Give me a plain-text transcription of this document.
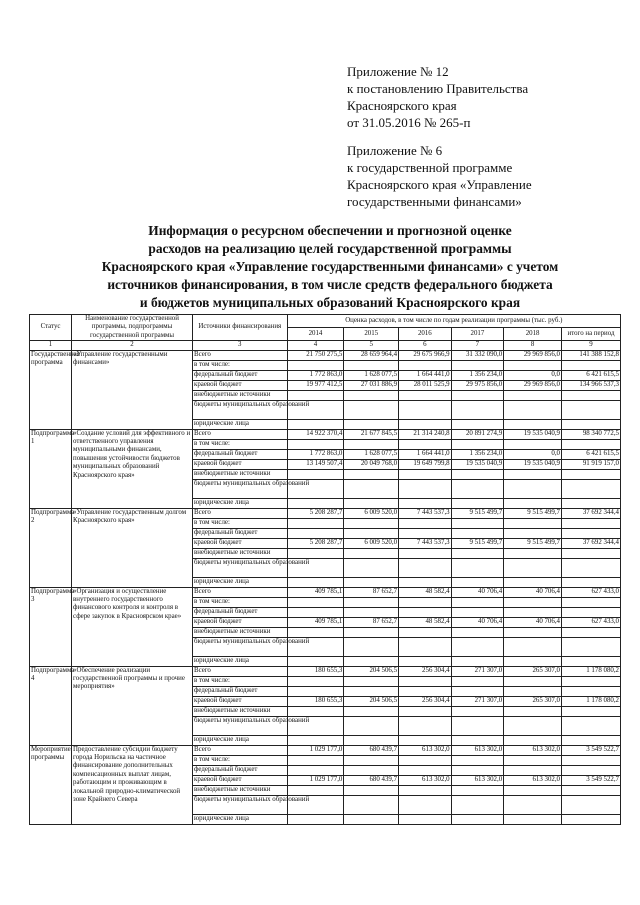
Приложение № 12
к постановлению Правительства
Красноярского края
от 31.05.2016 № 265-п
Приложение № 6
к государственной программе
Красноярского края «Управление
государственными финансами»
Информация о ресурсном обеспечении и прогнозной оценке
расходов на реализацию целей государственной программы
Красноярского края «Управление государственными финансами» с учетом
источников финансирования, в том числе средств федерального бюджета
и бюджетов муниципальных образований Красноярского края
Статус	Наименование государственной программы, подпрограммы государственной программы	Источники финансирования	Оценка расходов, в том числе по годам реализации программы (тыс. руб.)					
			2014	2015	2016	2017	2018	итого на период
1	2	3	4	5	6	7	8	9
Государственная программа	«Управление государственными финансами»	Всего	21 750 275,5	28 659 964,4	29 675 966,9	31 332 090,0	29 969 856,0	141 388 152,8
		в том числе:						
		федеральный бюджет	1 772 863,0	1 628 077,5	1 664 441,0	1 356 234,0	0,0	6 421 615,5
		краевой бюджет	19 977 412,5	27 031 886,9	28 011 525,9	29 975 856,0	29 969 856,0	134 966 537,3
		внебюджетные источники						
		бюджеты муниципальных образований						
		юридические лица						
Подпрограмма 1	«Создание условий для эффективного и ответственного управления муниципальными финансами, повышения устойчивости бюджетов муниципальных образований Красноярского края»	Всего	14 922 370,4	21 677 845,5	21 314 240,8	20 891 274,9	19 535 040,9	98 340 772,5
		в том числе:						
		федеральный бюджет	1 772 863,0	1 628 077,5	1 664 441,0	1 356 234,0	0,0	6 421 615,5
		краевой бюджет	13 149 507,4	20 049 768,0	19 649 799,8	19 535 040,9	19 535 040,9	91 919 157,0
		внебюджетные источники						
		бюджеты муниципальных образований						
		юридические лица						
Подпрограмма 2	«Управление государственным долгом Красноярского края»	Всего	5 208 287,7	6 009 520,0	7 443 537,3	9 515 499,7	9 515 499,7	37 692 344,4
		в том числе:						
		федеральный бюджет						
		краевой бюджет	5 208 287,7	6 009 520,0	7 443 537,3	9 515 499,7	9 515 499,7	37 692 344,4
		внебюджетные источники						
		бюджеты муниципальных образований						
		юридические лица						
Подпрограмма 3	«Организация и осуществление внутреннего государственного финансового контроля и контроля в сфере закупок в Красноярском крае»	Всего	409 785,1	87 652,7	48 582,4	40 706,4	40 706,4	627 433,0
		в том числе:						
		федеральный бюджет						
		краевой бюджет	409 785,1	87 652,7	48 582,4	40 706,4	40 706,4	627 433,0
		внебюджетные источники						
		бюджеты муниципальных образований						
		юридические лица						
Подпрограмма 4	«Обеспечение реализации государственной программы и прочие мероприятия»	Всего	180 655,3	204 506,5	256 304,4	271 307,0	265 307,0	1 178 080,2
		в том числе:						
		федеральный бюджет						
		краевой бюджет	180 655,3	204 506,5	256 304,4	271 307,0	265 307,0	1 178 080,2
		внебюджетные источники						
		бюджеты муниципальных образований						
		юридические лица						
Мероприятие программы	Предоставление субсидии бюджету города Норильска на частичное финансирование дополнительных компенсационных выплат лицам, работающим и проживающим в локальной природно-климатической зоне Крайнего Севера	Всего	1 029 177,0	680 439,7	613 302,0	613 302,0	613 302,0	3 549 522,7
		в том числе:						
		федеральный бюджет						
		краевой бюджет	1 029 177,0	680 439,7	613 302,0	613 302,0	613 302,0	3 549 522,7
		внебюджетные источники						
		бюджеты муниципальных образований						
		юридические лица						
